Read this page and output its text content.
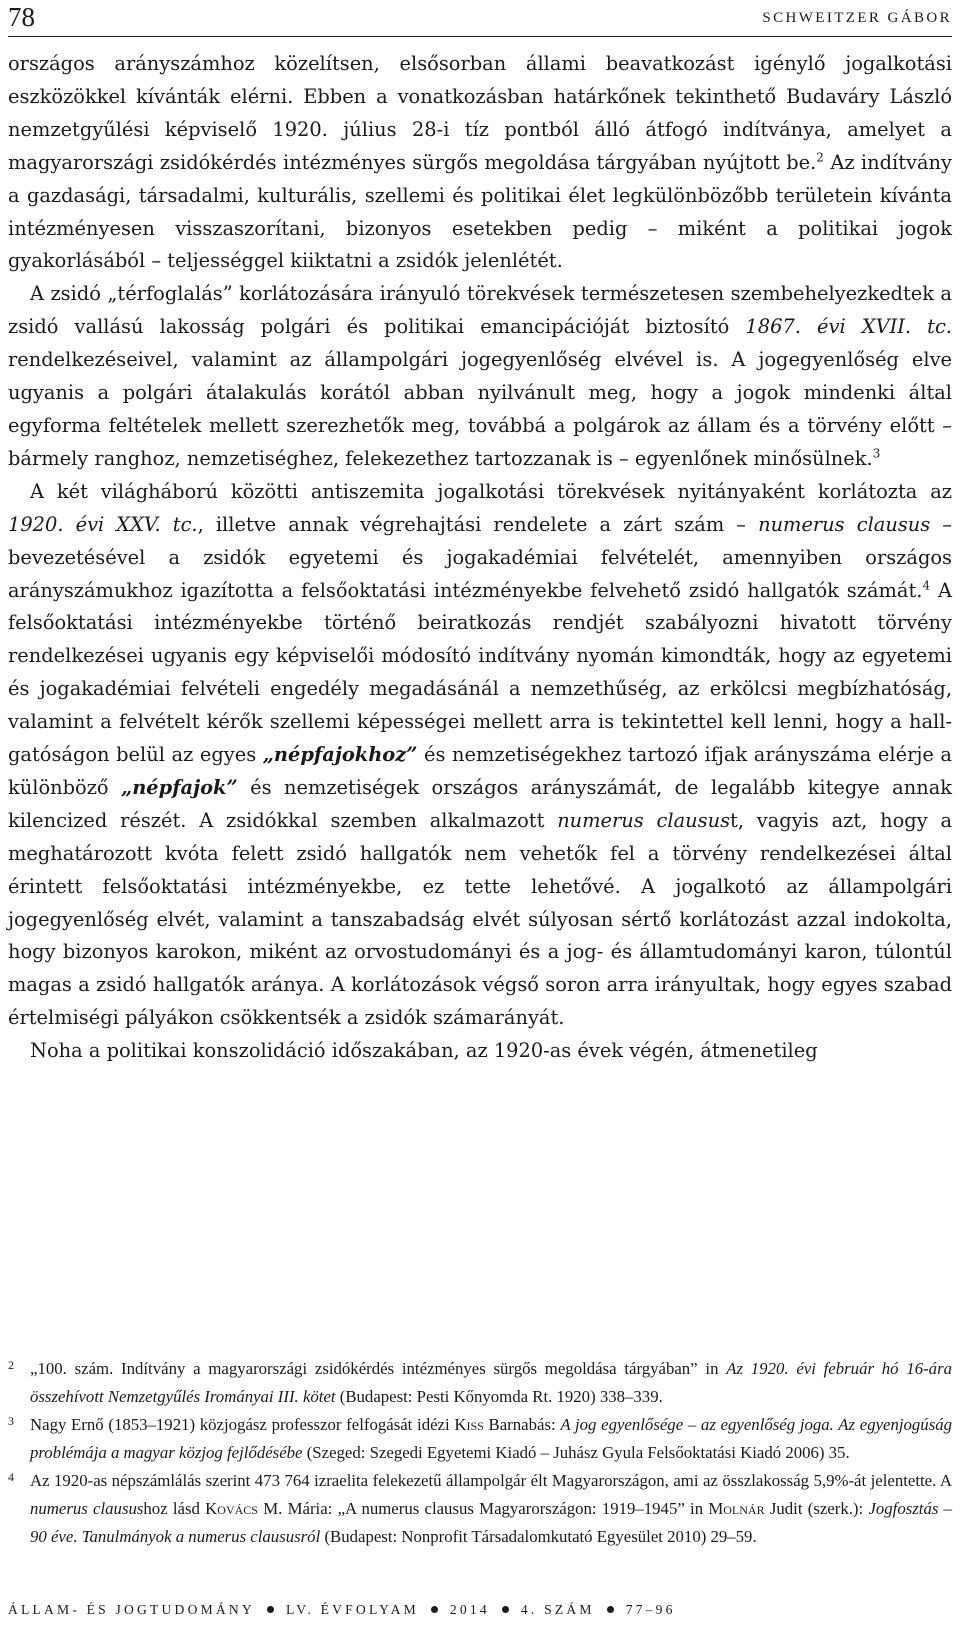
78	SCHWEITZER GÁBOR

országos arányszámhoz közelítsen, elsősorban állami beavatkozást igénylő jogalkotási eszközökkel kívánták elérni. Ebben a vonatkozásban határkőnek tekinthető Budaváry László nemzetgyűlési képviselő 1920. július 28-i tíz pontból álló átfogó indítványa, amelyet a magyarországi zsidókérdés intézményes sürgős megoldása tárgyában nyújtott be.$^2$ Az indítvány a gazdasági, társadalmi, kulturális, szellemi és politikai élet legkülönbözőbb területein kívánta intézményesen visszaszorítani, bizonyos esetekben pedig – miként a politikai jogok gyakorlásából – teljességgel kiiktatni a zsidók jelenlétét.

A zsidó „térfoglalás” korlátozására irányuló törekvések természetesen szembehelyezkedtek a zsidó vallású lakosság polgári és politikai emancipációját biztosító 1867. évi XVII. tc. rendelkezéseivel, valamint az állampolgári jogegyenlőség elvével is. A jogegyenlőség elve ugyanis a polgári átalakulás korától abban nyilvánult meg, hogy a jogok mindenki által egyforma feltételek mellett szerezhetők meg, továbbá a polgárok az állam és a törvény előtt – bármely ranghoz, nemzetiséghez, felekezethez tartozzanak is – egyenlőnek minősülnek.$^3$

A két világháború közötti antiszemita jogalkotási törekvések nyitányaként korlátozta az 1920. évi XXV. tc., illetve annak végrehajtási rendelete a zárt szám – numerus clausus – bevezetésével a zsidók egyetemi és jogakadémiai felvételét, amennyiben országos arányszámukhoz igazította a felsőoktatási intézményekbe felvehető zsidó hallgatók számát.$^4$ A felsőoktatási intézményekbe történő beiratkozás rendjét szabályozni hivatott törvény rendelkezései ugyanis egy képviselői módosító indítvány nyomán kimondták, hogy az egyetemi és jogakadémiai felvételi engedély megadásánál a nemzethűség, az erkölcsi megbízhatóság, valamint a felvételt kérők szellemi képességei mellett arra is tekintettel kell lenni, hogy a hallgatóságon belül az egyes „népfajokhoz” és nemzetiségekhez tartozó ifjak arányszáma elérje a különböző „népfajok” és nemzetiségek országos arányszámát, de legalább kitegye annak kilencized részét. A zsidókkal szemben alkalmazott numerus clausust, vagyis azt, hogy a meghatározott kvóta felett zsidó hallgatók nem vehetők fel a törvény rendelkezései által érintett felsőoktatási intézményekbe, ez tette lehetővé. A jogalkotó az állampolgári jogegyenlőség elvét, valamint a tanszabadság elvét súlyosan sértő korlátozást azzal indokolta, hogy bizonyos karokon, miként az orvostudományi és a jog- és államtudományi karon, túlontúl magas a zsidó hallgatók aránya. A korlátozások végső soron arra irányultak, hogy egyes szabad értelmiségi pályákon csökkentsék a zsidók számarányát.

Noha a politikai konszolidáció időszakában, az 1920-as évek végén, átmenetileg

2 „100. szám. Indítvány a magyarországi zsidókérdés intézményes sürgős megoldása tárgyában” in Az 1920. évi február hó 16-ára összehívott Nemzetgyűlés Irományai III. kötet (Budapest: Pesti Kőnyomda Rt. 1920) 338–339.

3 Nagy Ernő (1853–1921) közjogász professzor felfogását idézi Kiss Barnabás: A jog egyenlősége – az egyenlőség joga. Az egyenjogúság problémája a magyar közjog fejlődésébe (Szeged: Szegedi Egyetemi Kiadó – Juhász Gyula Felsőoktatási Kiadó 2006) 35.

4 Az 1920-as népszámlálás szerint 473 764 izraelita felekezetű állampolgár élt Magyarországon, ami az összlakosság 5,9%-át jelentette. A numerus clausushoz lásd Kovács M. Mária: „A numerus clausus Magyarországon: 1919–1945” in Molnár Judit (szerk.): Jogfosztás – 90 éve. Tanulmányok a numerus claususról (Budapest: Nonprofit Társadalomkutató Egyesület 2010) 29–59.

ÁLLAM- ÉS JOGTUDOMÁNY LV. ÉVFOLYAM 2014 4. SZÁM 77–96
